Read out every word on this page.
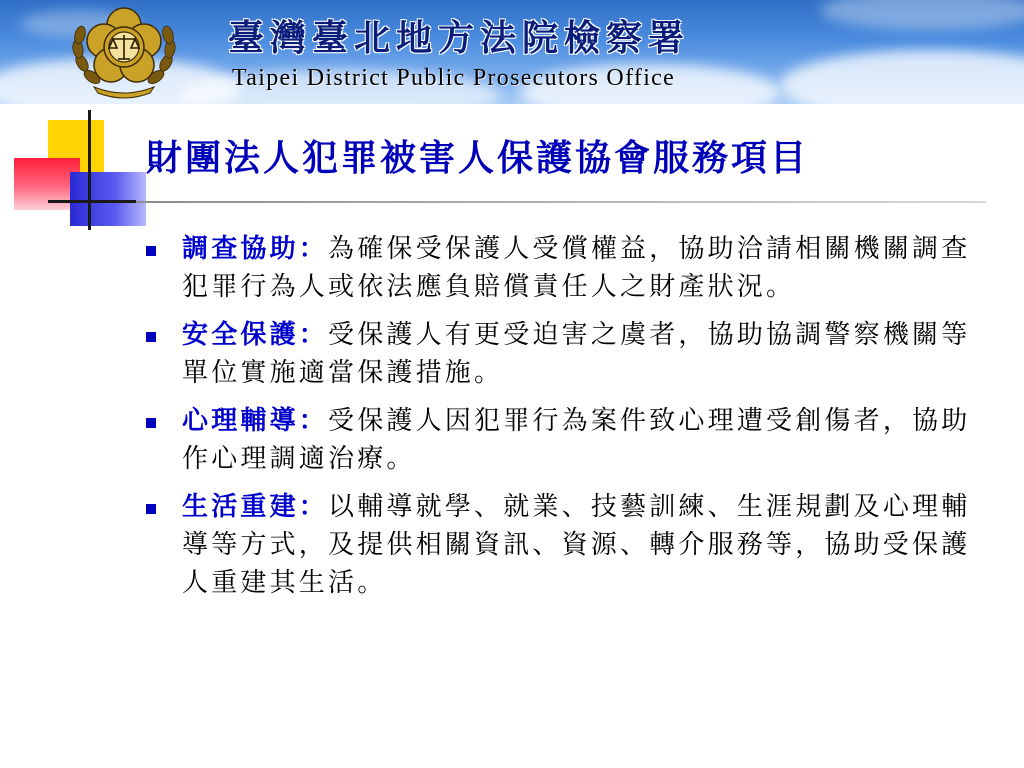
臺灣臺北地方法院檢察署
Taipei District Public Prosecutors Office
財團法人犯罪被害人保護協會服務項目
調查協助：為確保受保護人受償權益，協助洽請相關機關調查犯罪行為人或依法應負賠償責任人之財產狀況。
安全保護：受保護人有更受迫害之虞者，協助協調警察機關等單位實施適當保護措施。
心理輔導：受保護人因犯罪行為案件致心理遭受創傷者，協助作心理調適治療。
生活重建：以輔導就學、就業、技藝訓練、生涯規劃及心理輔導等方式，及提供相關資訊、資源、轉介服務等，協助受保護人重建其生活。
